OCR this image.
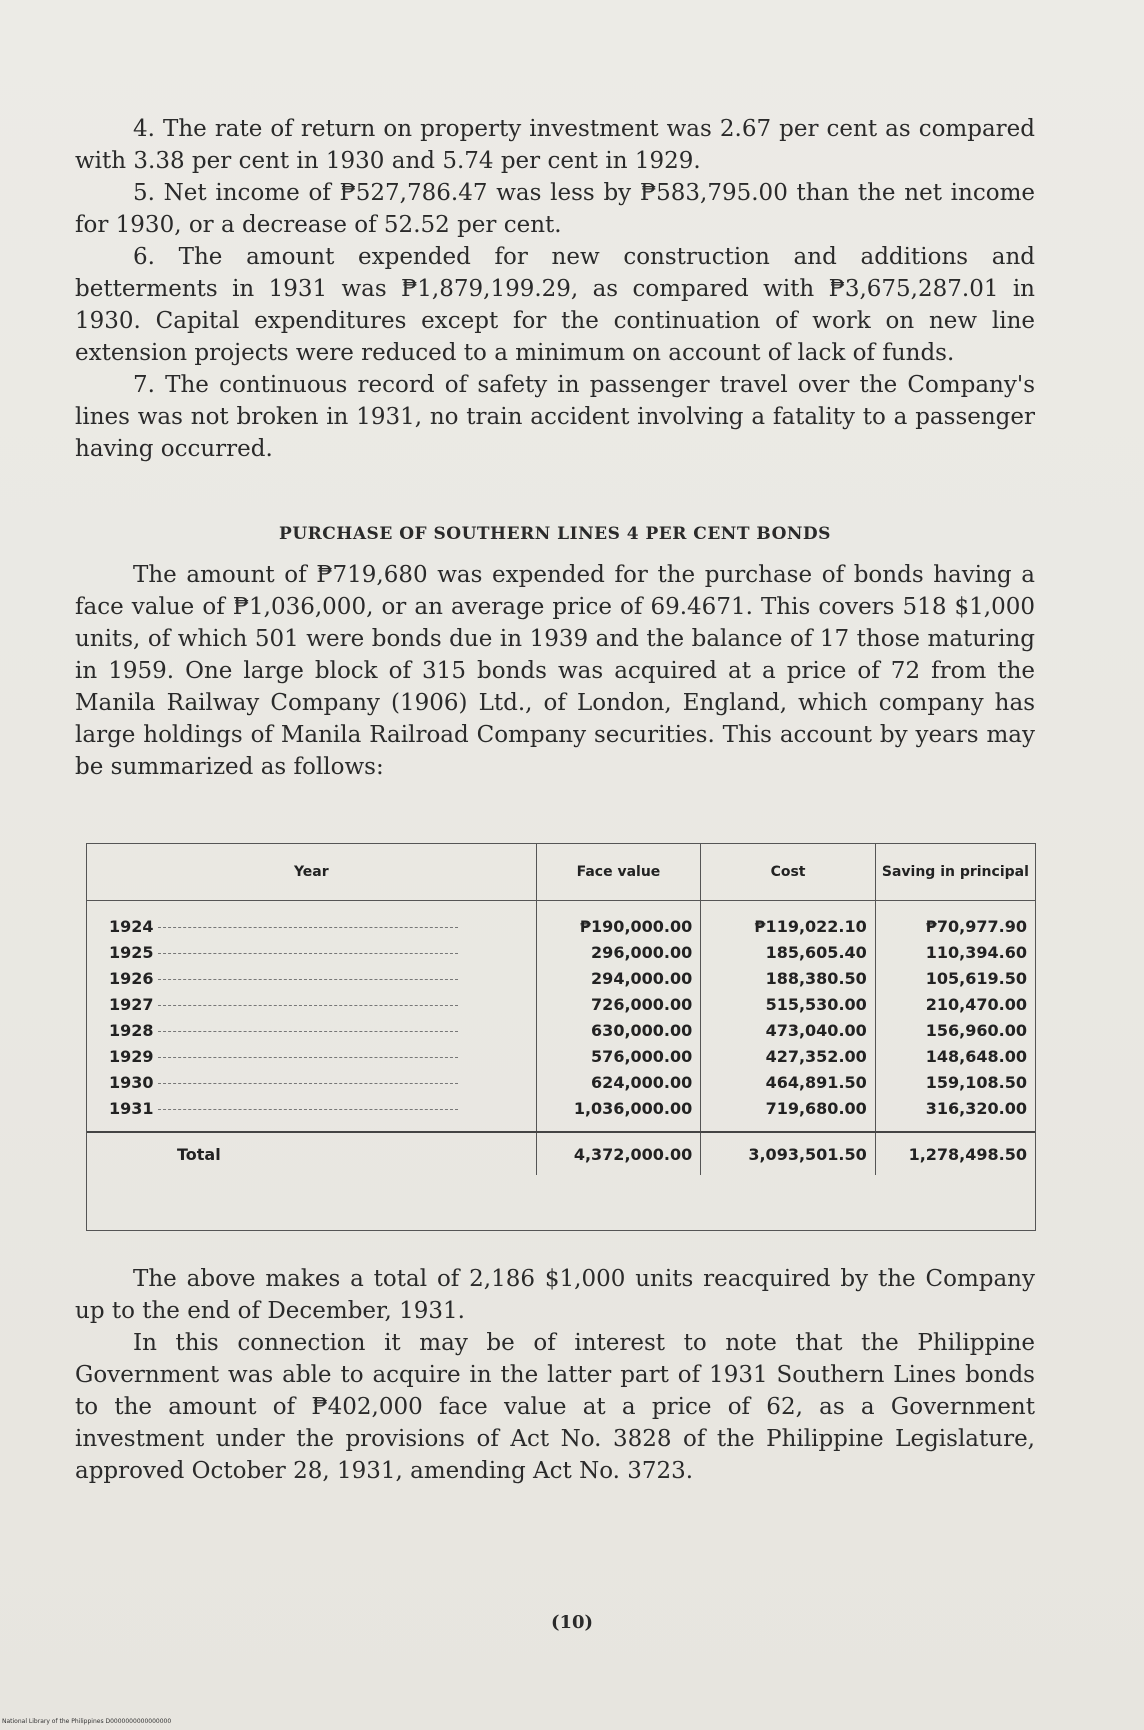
4. The rate of return on property investment was 2.67 per cent as compared with 3.38 per cent in 1930 and 5.74 per cent in 1929.

5. Net income of ₱527,786.47 was less by ₱583,795.00 than the net income for 1930, or a decrease of 52.52 per cent.

6. The amount expended for new construction and additions and betterments in 1931 was ₱1,879,199.29, as compared with ₱3,675,287.01 in 1930. Capital expenditures except for the continuation of work on new line extension projects were reduced to a minimum on account of lack of funds.

7. The continuous record of safety in passenger travel over the Company's lines was not broken in 1931, no train accident involving a fatality to a passenger having occurred.

PURCHASE OF SOUTHERN LINES 4 PER CENT BONDS

The amount of ₱719,680 was expended for the purchase of bonds having a face value of ₱1,036,000, or an average price of 69.4671. This covers 518 $1,000 units, of which 501 were bonds due in 1939 and the balance of 17 those maturing in 1959. One large block of 315 bonds was acquired at a price of 72 from the Manila Railway Company (1906) Ltd., of London, England, which company has large holdings of Manila Railroad Company securities. This account by years may be summarized as follows:

Year	Face value	Cost	Saving in principal
1924	₱190,000.00	₱119,022.10	₱70,977.90
1925	296,000.00	185,605.40	110,394.60
1926	294,000.00	188,380.50	105,619.50
1927	726,000.00	515,530.00	210,470.00
1928	630,000.00	473,040.00	156,960.00
1929	576,000.00	427,352.00	148,648.00
1930	624,000.00	464,891.50	159,108.50
1931	1,036,000.00	719,680.00	316,320.00
Total	4,372,000.00	3,093,501.50	1,278,498.50

The above makes a total of 2,186 $1,000 units reacquired by the Company up to the end of December, 1931.

In this connection it may be of interest to note that the Philippine Government was able to acquire in the latter part of 1931 Southern Lines bonds to the amount of ₱402,000 face value at a price of 62, as a Government investment under the provisions of Act No. 3828 of the Philippine Legislature, approved October 28, 1931, amending Act No. 3723.

(10)
National Library of the Philippines D0000000000000000
